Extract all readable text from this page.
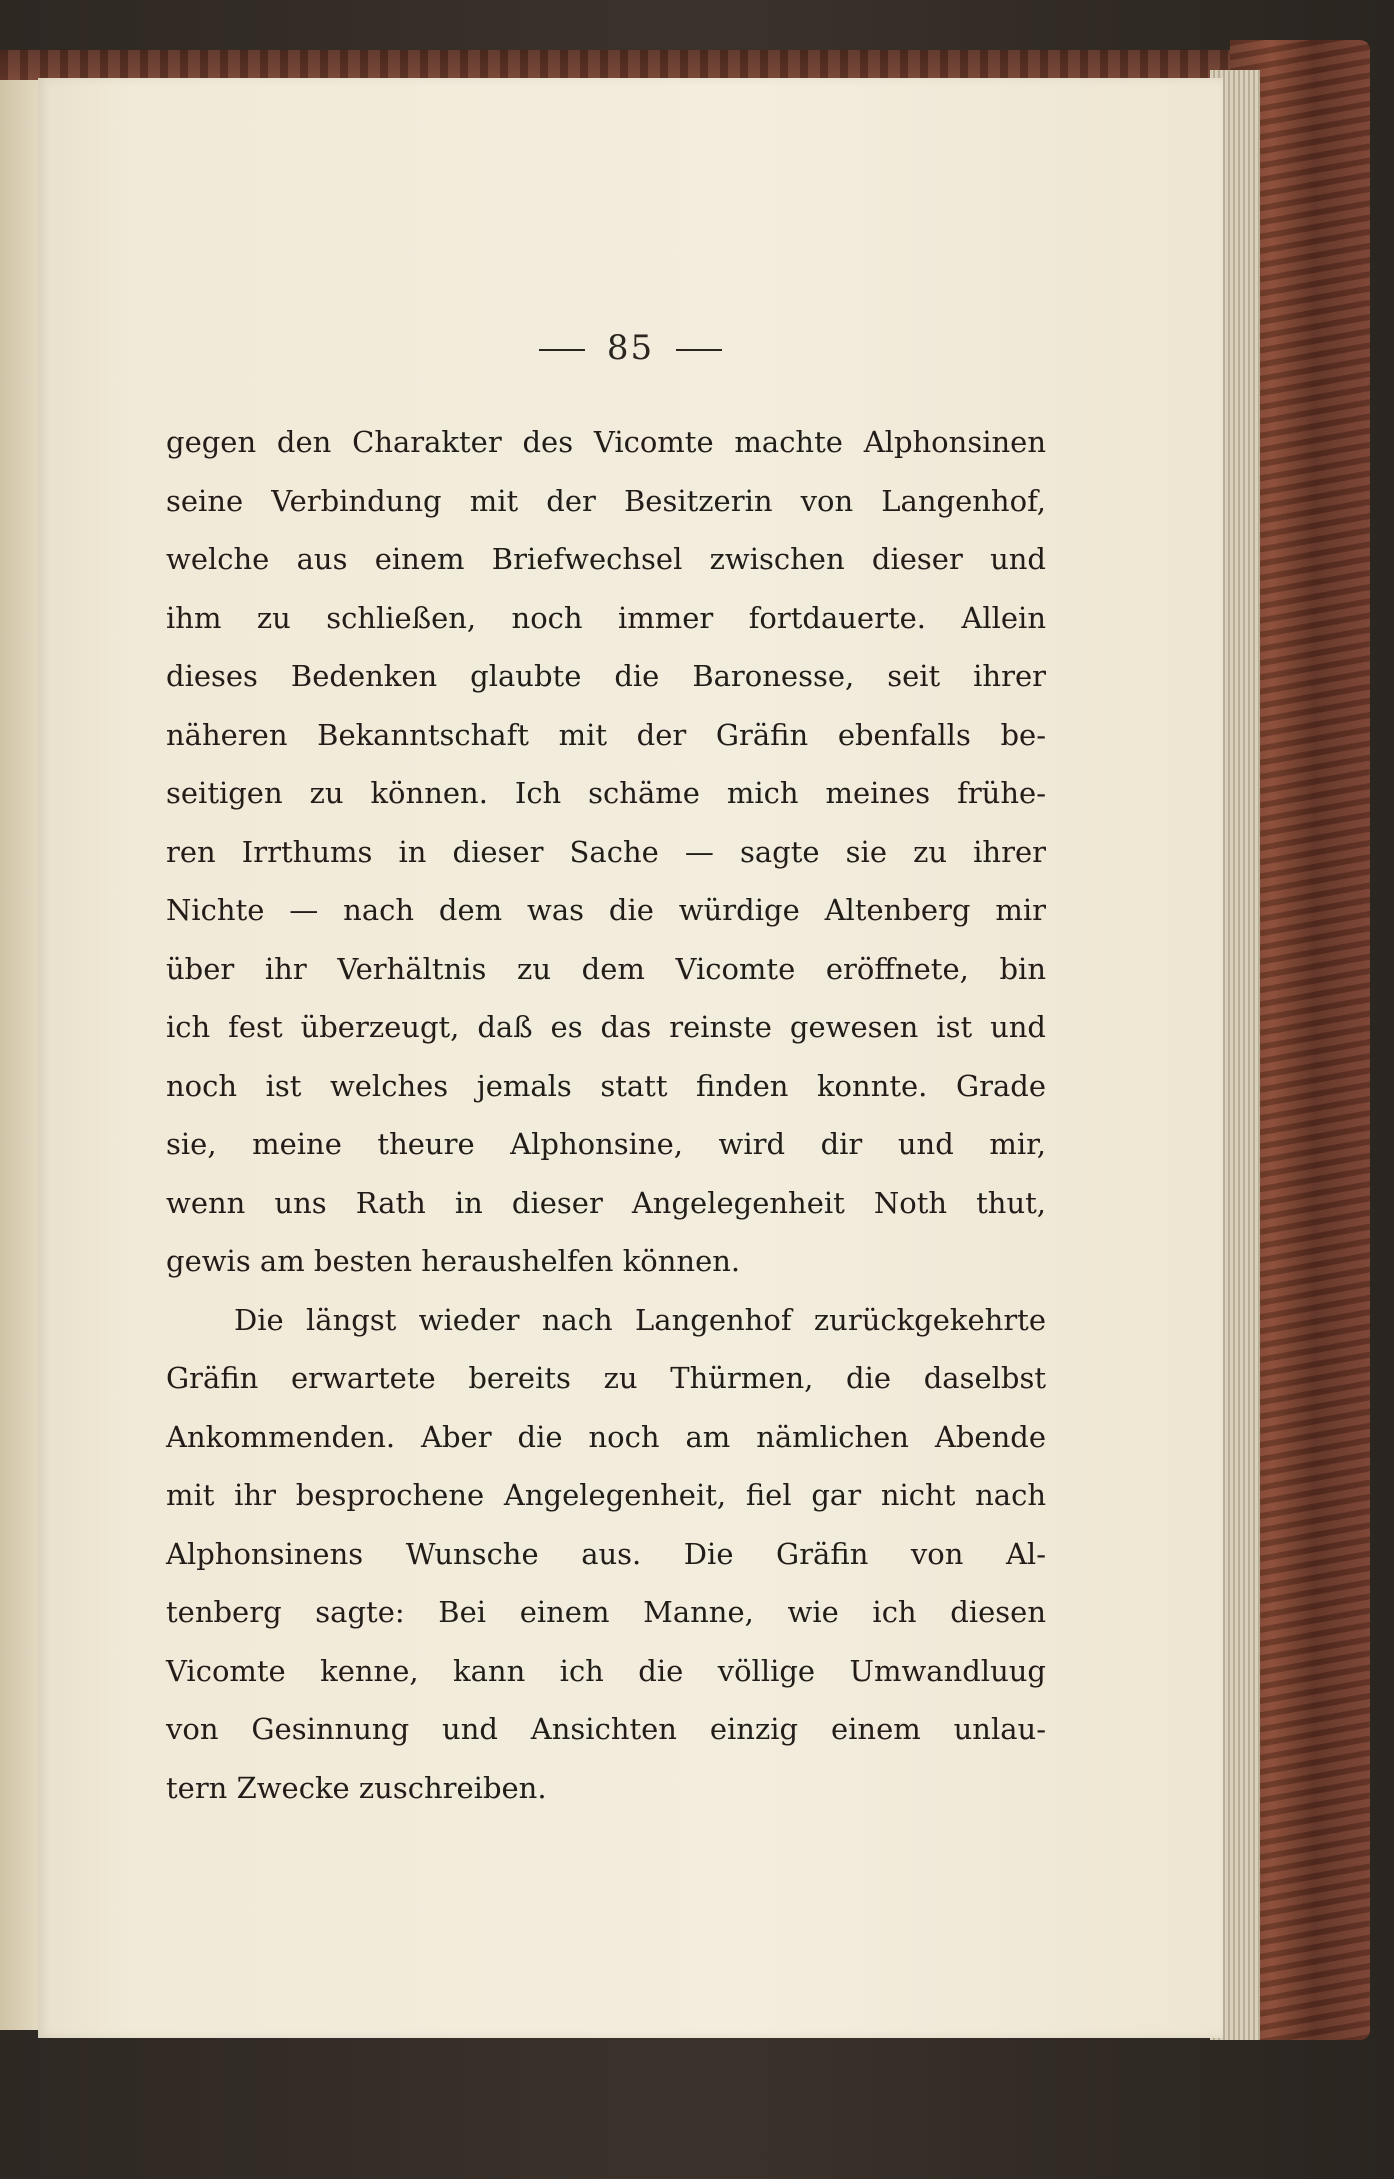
85
gegen den Charakter des Vicomte machte Alphonsinen
seine Verbindung mit der Besitzerin von Langenhof,
welche aus einem Briefwechsel zwischen dieser und
ihm zu schließen, noch immer fortdauerte. Allein
dieses Bedenken glaubte die Baronesse, seit ihrer
näheren Bekanntschaft mit der Gräfin ebenfalls be-
seitigen zu können. Ich schäme mich meines frühe-
ren Irrthums in dieser Sache — sagte sie zu ihrer
Nichte — nach dem was die würdige Altenberg mir
über ihr Verhältnis zu dem Vicomte eröffnete, bin
ich fest überzeugt, daß es das reinste gewesen ist und
noch ist welches jemals statt finden konnte. Grade
sie, meine theure Alphonsine, wird dir und mir,
wenn uns Rath in dieser Angelegenheit Noth thut,
gewis am besten heraushelfen können.
Die längst wieder nach Langenhof zurückgekehrte
Gräfin erwartete bereits zu Thürmen, die daselbst
Ankommenden. Aber die noch am nämlichen Abende
mit ihr besprochene Angelegenheit, fiel gar nicht nach
Alphonsinens Wunsche aus. Die Gräfin von Al-
tenberg sagte: Bei einem Manne, wie ich diesen
Vicomte kenne, kann ich die völlige Umwandluug
von Gesinnung und Ansichten einzig einem unlau-
tern Zwecke zuschreiben.
